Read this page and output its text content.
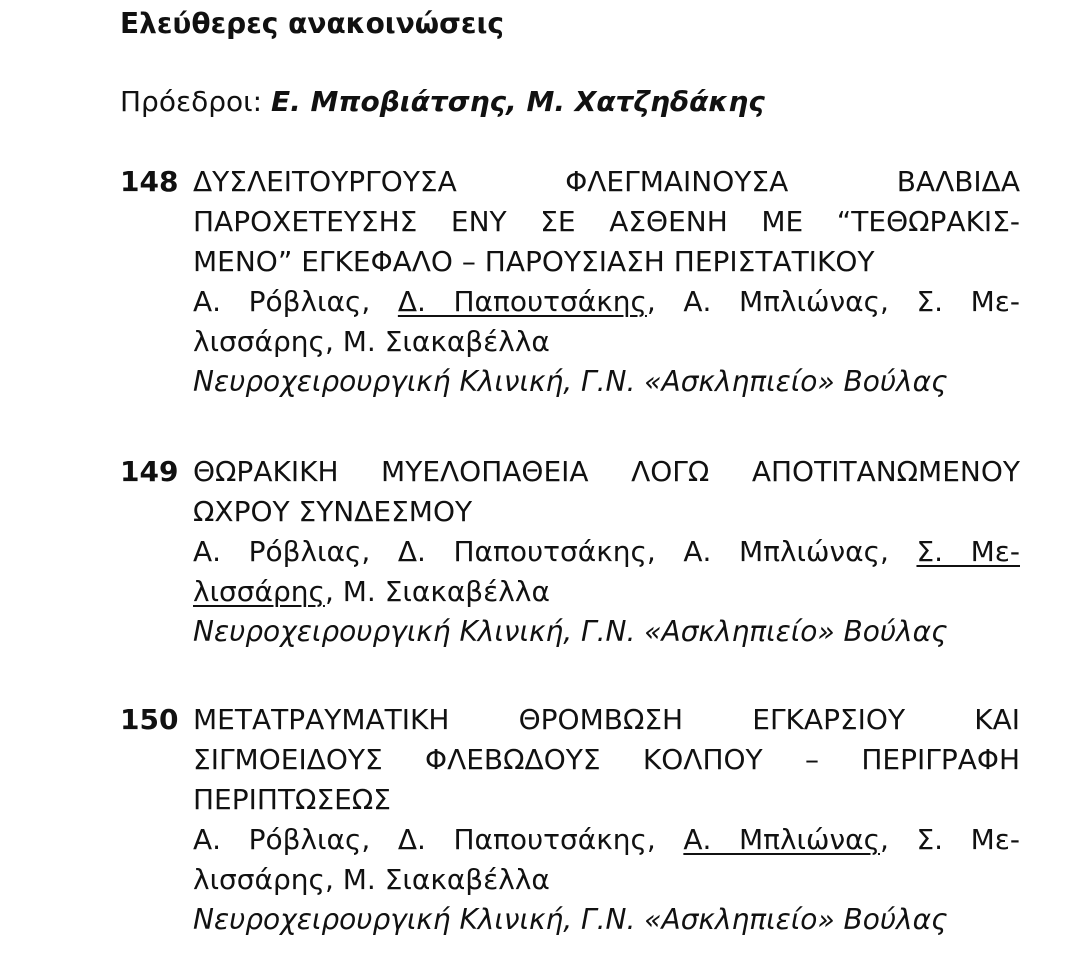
Ελεύθερες ανακοινώσεις
Πρόεδροι: Ε. Μποβιάτσης, Μ. Χατζηδάκης
148 ΔΥΣΛΕΙΤΟΥΡΓΟΥΣΑ ΦΛΕΓΜΑΙΝΟΥΣΑ ΒΑΛΒΙΔΑ
ΠΑΡΟΧΕΤΕΥΣΗΣ ΕΝΥ ΣΕ ΑΣΘΕΝΗ ΜΕ “ΤΕΘΩΡΑΚΙΣ-
ΜΕΝΟ” ΕΓΚΕΦΑΛΟ – ΠΑΡΟΥΣΙΑΣΗ ΠΕΡΙΣΤΑΤΙΚΟΥ
Α. Ρόβλιας, Δ. Παπουτσάκης, Α. Μπλιώνας, Σ. Με-
λισσάρης, Μ. Σιακαβέλλα
Νευροχειρουργική Κλινική, Γ.Ν. «Ασκληπιείο» Βούλας
149 ΘΩΡΑΚΙΚΗ ΜΥΕΛΟΠΑΘΕΙΑ ΛΟΓΩ ΑΠΟΤΙΤΑΝΩΜΕΝΟΥ
ΩΧΡΟΥ ΣΥΝΔΕΣΜΟΥ
Α. Ρόβλιας, Δ. Παπουτσάκης, Α. Μπλιώνας, Σ. Με-
λισσάρης, Μ. Σιακαβέλλα
Νευροχειρουργική Κλινική, Γ.Ν. «Ασκληπιείο» Βούλας
150 ΜΕΤΑΤΡΑΥΜΑΤΙΚΗ ΘΡΟΜΒΩΣΗ ΕΓΚΑΡΣΙΟΥ ΚΑΙ
ΣΙΓΜΟΕΙΔΟΥΣ ΦΛΕΒΩΔΟΥΣ ΚΟΛΠΟΥ – ΠΕΡΙΓΡΑΦΗ
ΠΕΡΙΠΤΩΣΕΩΣ
Α. Ρόβλιας, Δ. Παπουτσάκης, Α. Μπλιώνας, Σ. Με-
λισσάρης, Μ. Σιακαβέλλα
Νευροχειρουργική Κλινική, Γ.Ν. «Ασκληπιείο» Βούλας
